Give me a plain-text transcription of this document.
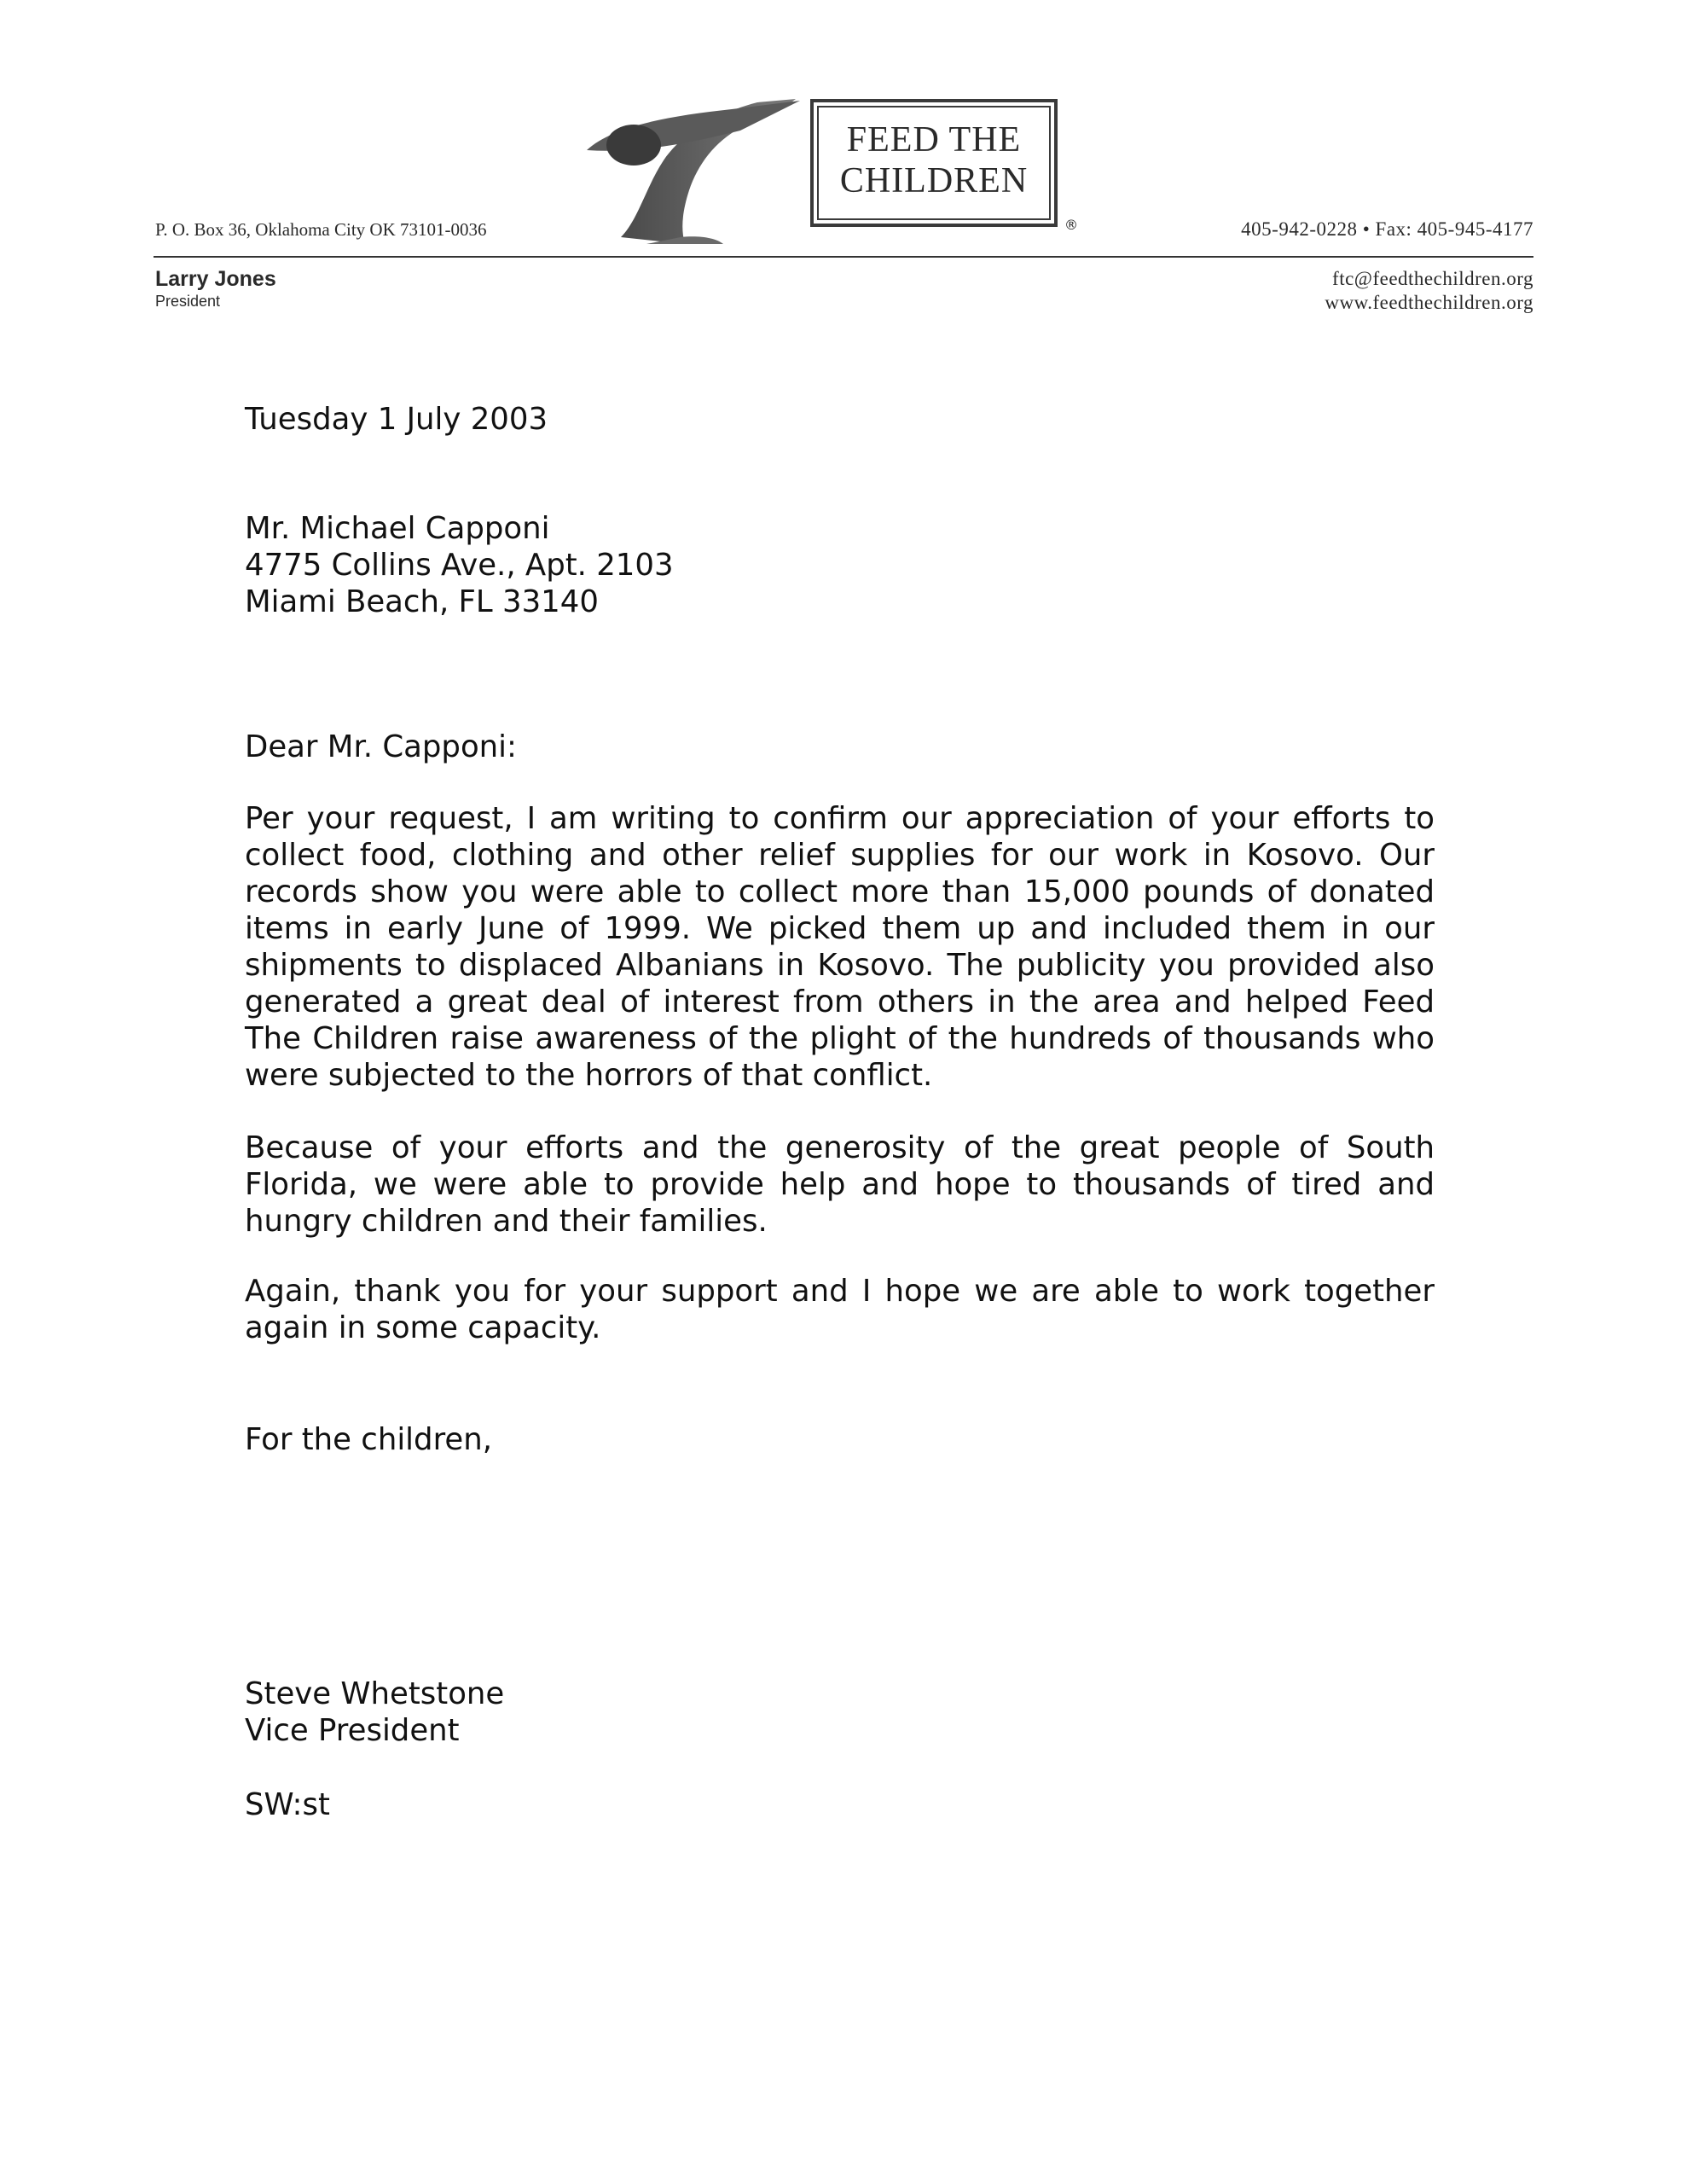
P. O. Box 36, Oklahoma City OK 73101-0036
FEED THE
CHILDREN
®	405-942-0228 • Fax: 405-945-4177
Larry Jones
President
ftc@feedthechildren.org
www.feedthechildren.org
Tuesday 1 July 2003
Mr. Michael Capponi
4775 Collins Ave., Apt. 2103
Miami Beach, FL 33140
Dear Mr. Capponi:
Per your request, I am writing to confirm our appreciation of your efforts to collect food, clothing and other relief supplies for our work in Kosovo. Our records show you were able to collect more than 15,000 pounds of donated items in early June of 1999. We picked them up and included them in our shipments to displaced Albanians in Kosovo. The publicity you provided also generated a great deal of interest from others in the area and helped Feed The Children raise awareness of the plight of the hundreds of thousands who were subjected to the horrors of that conflict.
Because of your efforts and the generosity of the great people of South Florida, we were able to provide help and hope to thousands of tired and hungry children and their families.
Again, thank you for your support and I hope we are able to work together again in some capacity.
For the children,
Steve Whetstone
Vice President
SW:st
